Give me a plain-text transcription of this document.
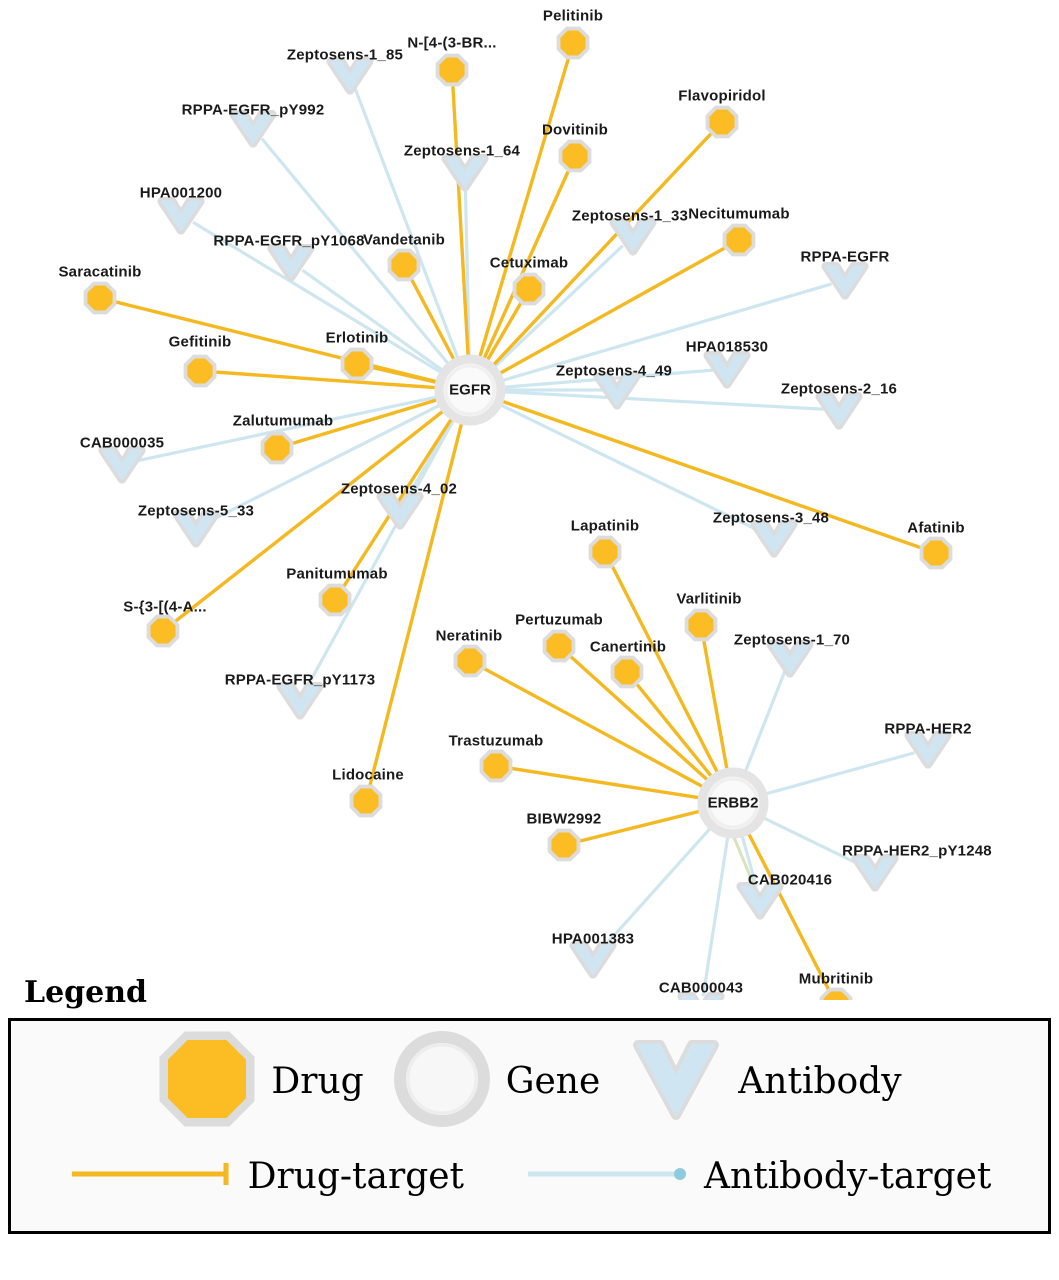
Zeptosens-1_85
RPPA-EGFR_pY992
Zeptosens-1_64
HPA001200
Zeptosens-1_33
RPPA-EGFR_pY1068
RPPA-EGFR
HPA018530
Zeptosens-4_49
Zeptosens-2_16
CAB000035
Zeptosens-4_02
Zeptosens-5_33	Zeptosens-3_48
Zeptosens-1_70
RPPA-EGFR_pY1173
RPPA-HER2
RPPA-HER2_pY1248
CAB020416
HPA001383
CAB000043
Pelitinib
N-[4-(3-BR...
Flavopiridol
Dovitinib
Necitumumab
Vandetanib
Cetuximab
Saracatinib
Erlotinib
Gefitinib
Zalutumumab
Afatinib
Lapatinib
Panitumumab
Varlitinib
S-{3-[(4-A...
Pertuzumab
Neratinib
Canertinib
Trastuzumab
Lidocaine
BIBW2992
Mubritinib
EGFR
ERBB2
Legend
Drug	Gene	Antibody
Drug-target	Antibody-target
